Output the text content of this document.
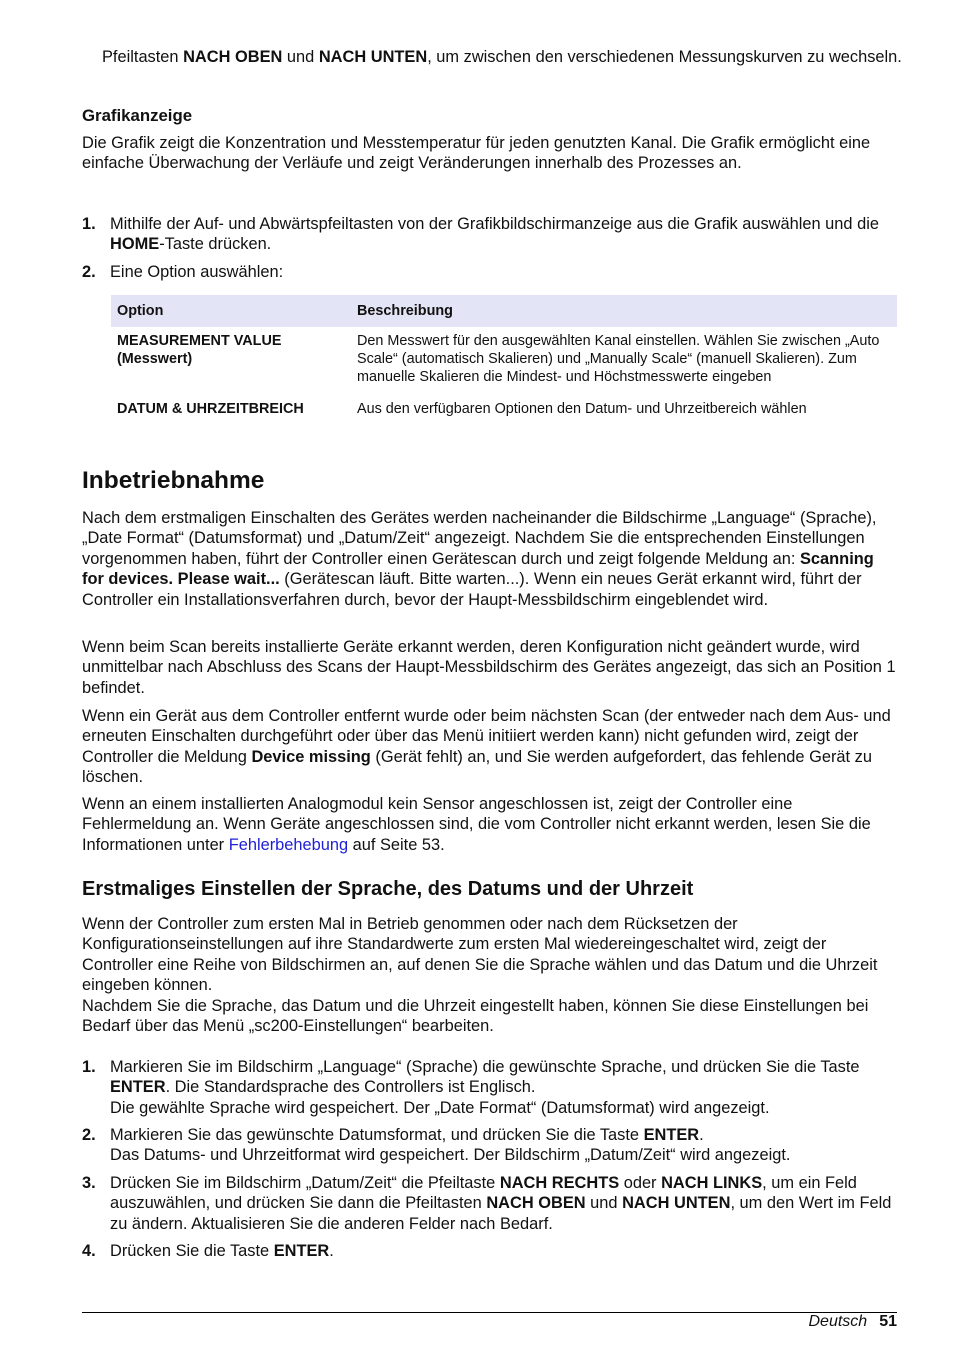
Pfeiltasten NACH OBEN und NACH UNTEN, um zwischen den verschiedenen Messungskurven zu wechseln.
Grafikanzeige
Die Grafik zeigt die Konzentration und Messtemperatur für jeden genutzten Kanal. Die Grafik ermöglicht eine einfache Überwachung der Verläufe und zeigt Veränderungen innerhalb des Prozesses an.
1. Mithilfe der Auf- und Abwärtspfeiltasten von der Grafikbildschirmanzeige aus die Grafik auswählen und die HOME-Taste drücken.
2. Eine Option auswählen:
Option	Beschreibung
MEASUREMENT VALUE (Messwert)	Den Messwert für den ausgewählten Kanal einstellen. Wählen Sie zwischen „Auto Scale“ (automatisch Skalieren) und „Manually Scale“ (manuell Skalieren). Zum manuelle Skalieren die Mindest- und Höchstmesswerte eingeben
DATUM & UHRZEITBREICH	Aus den verfügbaren Optionen den Datum- und Uhrzeitbereich wählen
Inbetriebnahme
Nach dem erstmaligen Einschalten des Gerätes werden nacheinander die Bildschirme „Language“ (Sprache), „Date Format“ (Datumsformat) und „Datum/Zeit“ angezeigt. Nachdem Sie die entsprechenden Einstellungen vorgenommen haben, führt der Controller einen Gerätescan durch und zeigt folgende Meldung an: Scanning for devices. Please wait... (Gerätescan läuft. Bitte warten...). Wenn ein neues Gerät erkannt wird, führt der Controller ein Installationsverfahren durch, bevor der Haupt-Messbildschirm eingeblendet wird.
Wenn beim Scan bereits installierte Geräte erkannt werden, deren Konfiguration nicht geändert wurde, wird unmittelbar nach Abschluss des Scans der Haupt-Messbildschirm des Gerätes angezeigt, das sich an Position 1 befindet.
Wenn ein Gerät aus dem Controller entfernt wurde oder beim nächsten Scan (der entweder nach dem Aus- und erneuten Einschalten durchgeführt oder über das Menü initiiert werden kann) nicht gefunden wird, zeigt der Controller die Meldung Device missing (Gerät fehlt) an, und Sie werden aufgefordert, das fehlende Gerät zu löschen.
Wenn an einem installierten Analogmodul kein Sensor angeschlossen ist, zeigt der Controller eine Fehlermeldung an. Wenn Geräte angeschlossen sind, die vom Controller nicht erkannt werden, lesen Sie die Informationen unter Fehlerbehebung auf Seite 53.
Erstmaliges Einstellen der Sprache, des Datums und der Uhrzeit
Wenn der Controller zum ersten Mal in Betrieb genommen oder nach dem Rücksetzen der Konfigurationseinstellungen auf ihre Standardwerte zum ersten Mal wiedereingeschaltet wird, zeigt der Controller eine Reihe von Bildschirmen an, auf denen Sie die Sprache wählen und das Datum und die Uhrzeit eingeben können.
Nachdem Sie die Sprache, das Datum und die Uhrzeit eingestellt haben, können Sie diese Einstellungen bei Bedarf über das Menü „sc200-Einstellungen“ bearbeiten.
1. Markieren Sie im Bildschirm „Language“ (Sprache) die gewünschte Sprache, und drücken Sie die Taste ENTER. Die Standardsprache des Controllers ist Englisch.
Die gewählte Sprache wird gespeichert. Der „Date Format“ (Datumsformat) wird angezeigt.
2. Markieren Sie das gewünschte Datumsformat, und drücken Sie die Taste ENTER.
Das Datums- und Uhrzeitformat wird gespeichert. Der Bildschirm „Datum/Zeit“ wird angezeigt.
3. Drücken Sie im Bildschirm „Datum/Zeit“ die Pfeiltaste NACH RECHTS oder NACH LINKS, um ein Feld auszuwählen, und drücken Sie dann die Pfeiltasten NACH OBEN und NACH UNTEN, um den Wert im Feld zu ändern. Aktualisieren Sie die anderen Felder nach Bedarf.
4. Drücken Sie die Taste ENTER.
Deutsch 51
